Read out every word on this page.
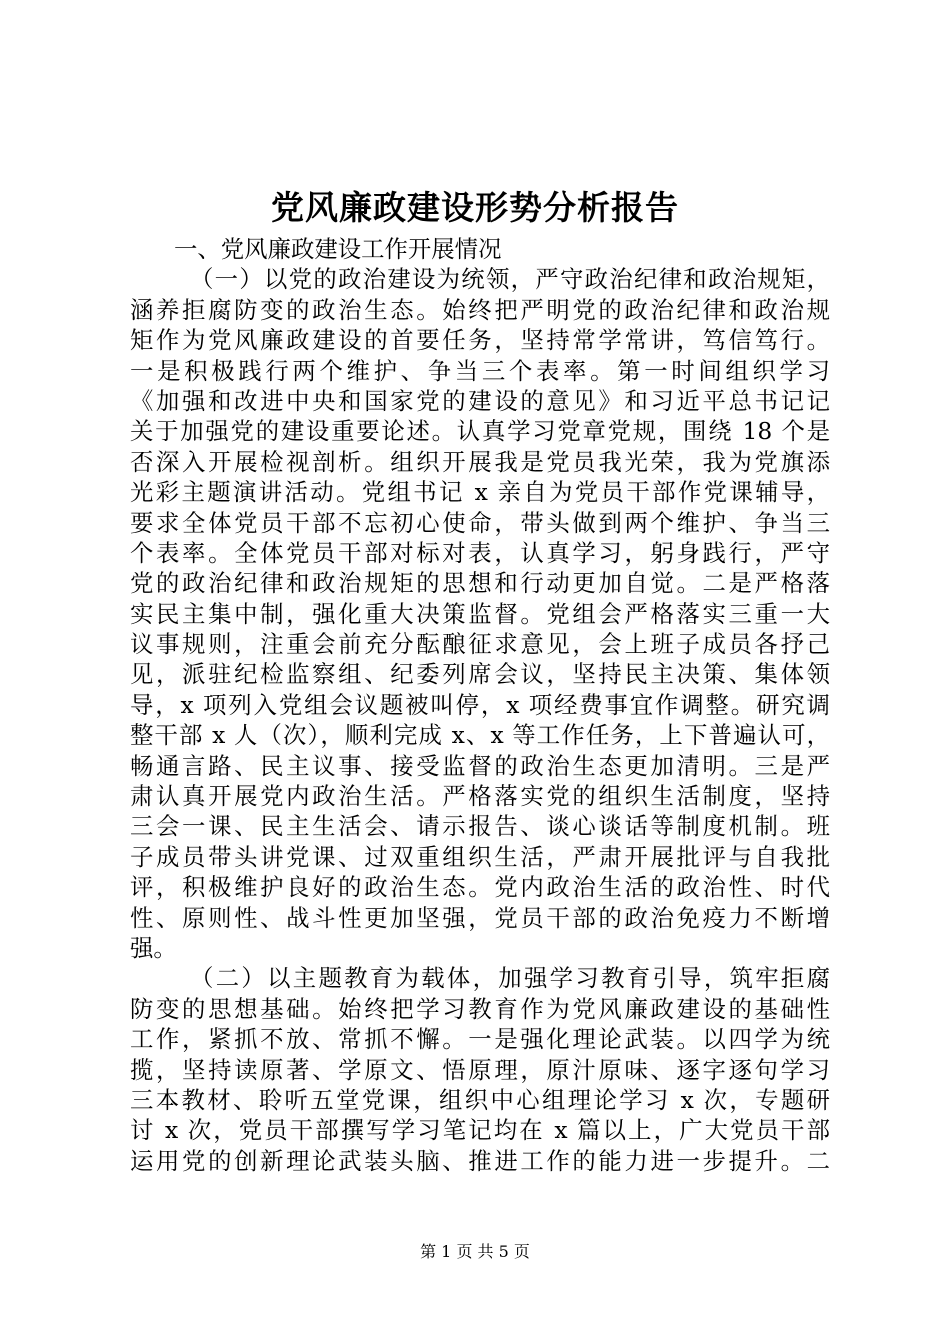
党风廉政建设形势分析报告
一、党风廉政建设工作开展情况
（一）以党的政治建设为统领，严守政治纪律和政治规矩，
涵养拒腐防变的政治生态。始终把严明党的政治纪律和政治规
矩作为党风廉政建设的首要任务，坚持常学常讲，笃信笃行。
一是积极践行两个维护、争当三个表率。第一时间组织学习
《加强和改进中央和国家党的建设的意见》和习近平总书记记
关于加强党的建设重要论述。认真学习党章党规，围绕 18 个是
否深入开展检视剖析。组织开展我是党员我光荣，我为党旗添
光彩主题演讲活动。党组书记 x 亲自为党员干部作党课辅导，
要求全体党员干部不忘初心使命，带头做到两个维护、争当三
个表率。全体党员干部对标对表，认真学习，躬身践行，严守
党的政治纪律和政治规矩的思想和行动更加自觉。二是严格落
实民主集中制，强化重大决策监督。党组会严格落实三重一大
议事规则，注重会前充分酝酿征求意见，会上班子成员各抒己
见，派驻纪检监察组、纪委列席会议，坚持民主决策、集体领
导，x 项列入党组会议题被叫停，x 项经费事宜作调整。研究调
整干部 x 人（次），顺利完成 x、x 等工作任务，上下普遍认可，
畅通言路、民主议事、接受监督的政治生态更加清明。三是严
肃认真开展党内政治生活。严格落实党的组织生活制度，坚持
三会一课、民主生活会、请示报告、谈心谈话等制度机制。班
子成员带头讲党课、过双重组织生活，严肃开展批评与自我批
评，积极维护良好的政治生态。党内政治生活的政治性、时代
性、原则性、战斗性更加坚强，党员干部的政治免疫力不断增
强。
（二）以主题教育为载体，加强学习教育引导，筑牢拒腐
防变的思想基础。始终把学习教育作为党风廉政建设的基础性
工作，紧抓不放、常抓不懈。一是强化理论武装。以四学为统
揽，坚持读原著、学原文、悟原理，原汁原味、逐字逐句学习
三本教材、聆听五堂党课，组织中心组理论学习 x 次，专题研
讨 x 次，党员干部撰写学习笔记均在 x 篇以上，广大党员干部
运用党的创新理论武装头脑、推进工作的能力进一步提升。二
第 1 页 共 5 页
